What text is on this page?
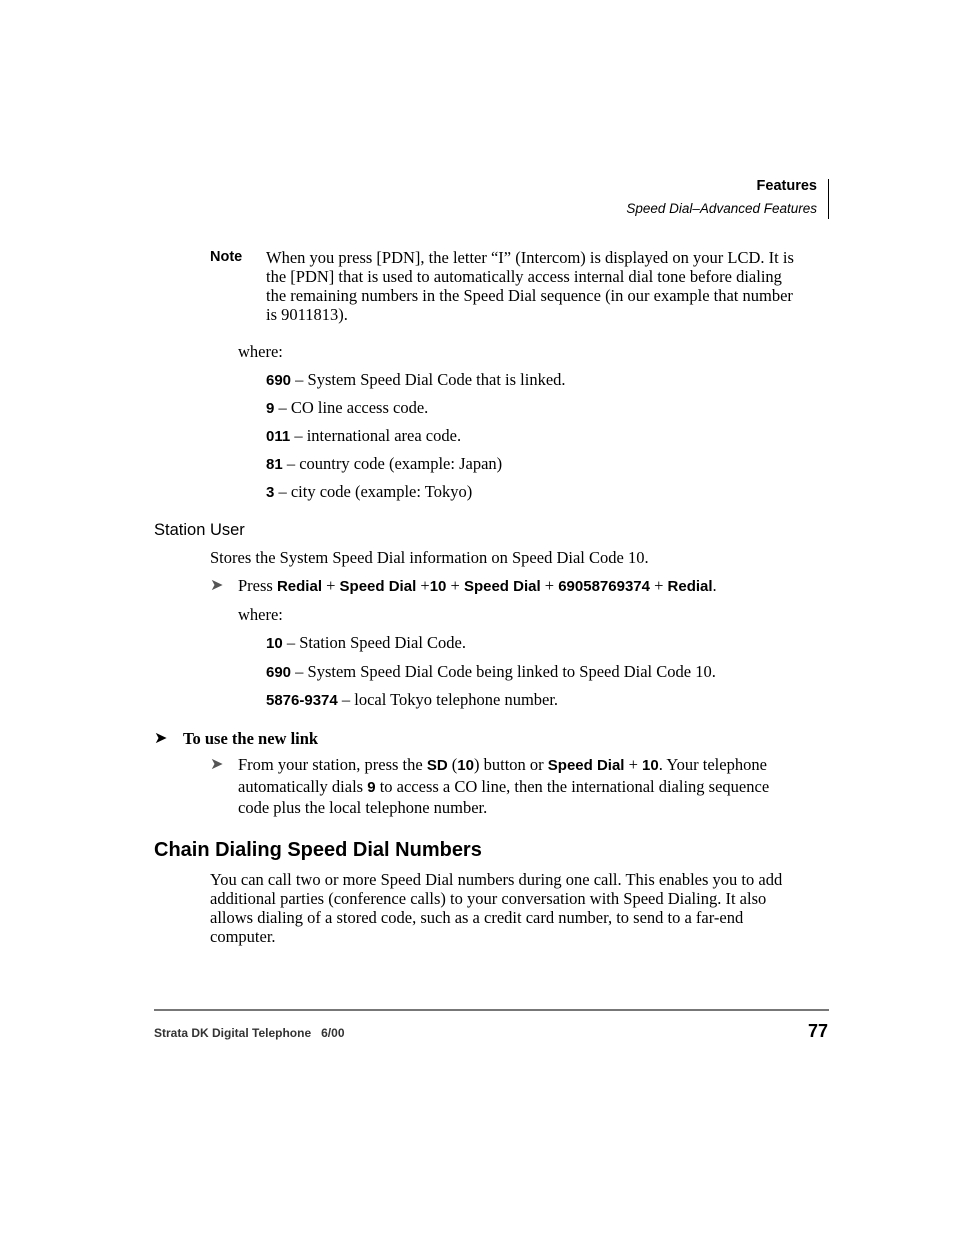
Features
Speed Dial–Advanced Features
Note When you press [PDN], the letter “I” (Intercom) is displayed on your LCD. It is the [PDN] that is used to automatically access internal dial tone before dialing the remaining numbers in the Speed Dial sequence (in our example that number is 9011813).
where:
690 – System Speed Dial Code that is linked.
9 – CO line access code.
011 – international area code.
81 – country code (example: Japan)
3 – city code (example: Tokyo)
Station User
Stores the System Speed Dial information on Speed Dial Code 10.
➤ Press Redial + Speed Dial +10 + Speed Dial + 69058769374 + Redial.
where:
10 – Station Speed Dial Code.
690 – System Speed Dial Code being linked to Speed Dial Code 10.
5876-9374 – local Tokyo telephone number.
➤ To use the new link
➤ From your station, press the SD (10) button or Speed Dial + 10. Your telephone automatically dials 9 to access a CO line, then the international dialing sequence code plus the local telephone number.
Chain Dialing Speed Dial Numbers
You can call two or more Speed Dial numbers during one call. This enables you to add additional parties (conference calls) to your conversation with Speed Dialing. It also allows dialing of a stored code, such as a credit card number, to send to a far-end computer.
Strata DK Digital Telephone   6/00	77
